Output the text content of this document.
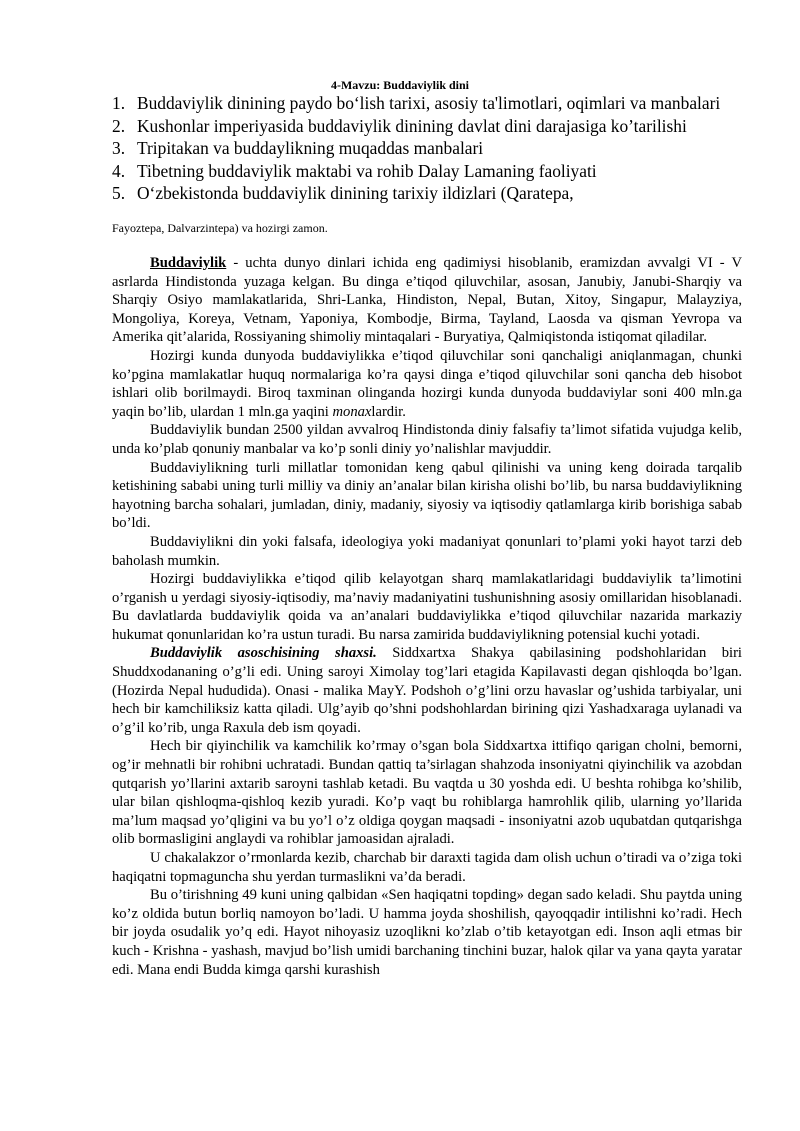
4-Mavzu: Buddaviylik dini
1. Buddaviylik dinining paydo bo‘lish tarixi, asosiy ta'limotlari, oqimlari va manbalari
2. Kushonlar imperiyasida buddaviylik dinining davlat dini darajasiga ko’tarilishi
3. Tripitakan va buddaylikning muqaddas manbalari
4. Tibetning buddaviylik maktabi va rohib Dalay Lamaning faoliyati
5. O‘zbekistonda buddaviylik dinining tarixiy ildizlari (Qaratepa,
Fayoztepa, Dalvarzintepa) va hozirgi zamon.

Buddaviylik - uchta dunyo dinlari ichida eng qadimiysi hisoblanib, eramizdan avvalgi VI - V asrlarda Hindistonda yuzaga kelgan. Bu dinga e’tiqod qiluvchilar, asosan, Janubiy, Janubi-Sharqiy va Sharqiy Osiyo mamlakatlarida, Shri-Lanka, Hindiston, Nepal, Butan, Xitoy, Singapur, Malayziya, Mongoliya, Koreya, Vetnam, Yaponiya, Kombodje, Birma, Tayland, Laosda va qisman Yevropa va Amerika qit’alarida, Rossiyaning shimoliy mintaqalari - Buryatiya, Qalmiqistonda istiqomat qiladilar.

Hozirgi kunda dunyoda buddaviylikka e’tiqod qiluvchilar soni qanchaligi aniqlanmagan, chunki ko’pgina mamlakatlar huquq normalariga ko’ra qaysi dinga e’tiqod qiluvchilar soni qancha deb hisobot ishlari olib borilmaydi. Biroq taxminan olinganda hozirgi kunda dunyoda buddaviylar soni 400 mln.ga yaqin bo’lib, ulardan 1 mln.ga yaqini monaxlardir.

Buddaviylik bundan 2500 yildan avvalroq Hindistonda diniy falsafiy ta’limot sifatida vujudga kelib, unda ko’plab qonuniy manbalar va ko’p sonli diniy yo’nalishlar mavjuddir.

Buddaviylikning turli millatlar tomonidan keng qabul qilinishi va uning keng doirada tarqalib ketishining sababi uning turli milliy va diniy an’analar bilan kirisha olishi bo’lib, bu narsa buddaviylikning hayotning barcha sohalari, jumladan, diniy, madaniy, siyosiy va iqtisodiy qatlamlarga kirib borishiga sabab bo’ldi.

Buddaviylikni din yoki falsafa, ideologiya yoki madaniyat qonunlari to’plami yoki hayot tarzi deb baholash mumkin.

Hozirgi buddaviylikka e’tiqod qilib kelayotgan sharq mamlakatlaridagi buddaviylik ta’limotini o’rganish u yerdagi siyosiy-iqtisodiy, ma’naviy madaniyatini tushunishning asosiy omillaridan hisoblanadi. Bu davlatlarda buddaviylik qoida va an’analari buddaviylikka e’tiqod qiluvchilar nazarida markaziy hukumat qonunlaridan ko’ra ustun turadi. Bu narsa zamirida buddaviylikning potensial kuchi yotadi.

Buddaviylik asoschisining shaxsi. Siddxartxa Shakya qabilasining podshohlaridan biri Shuddxodananing o’g’li edi. Uning saroyi Ximolay tog’lari etagida Kapilavasti degan qishloqda bo’lgan. (Hozirda Nepal hududida). Onasi - malika MayY. Podshoh o’g’lini orzu havaslar og’ushida tarbiyalar, uni hech bir kamchiliksiz katta qiladi. Ulg’ayib qo’shni podshohlardan birining qizi Yashadxaraga uylanadi va o’g’il ko’rib, unga Raxula deb ism qoyadi.

Hech bir qiyinchilik va kamchilik ko’rmay o’sgan bola Siddxartxa ittifiqo qarigan cholni, bemorni, og’ir mehnatli bir rohibni uchratadi. Bundan qattiq ta’sirlagan shahzoda insoniyatni qiyinchilik va azobdan qutqarish yo’llarini axtarib saroyni tashlab ketadi. Bu vaqtda u 30 yoshda edi. U beshta rohibga ko’shilib, ular bilan qishloqma-qishloq kezib yuradi. Ko’p vaqt bu rohiblarga hamrohlik qilib, ularning yo’llarida ma’lum maqsad yo’qligini va bu yo’l o’z oldiga qoygan maqsadi - insoniyatni azob uqubatdan qutqarishga olib bormasligini anglaydi va rohiblar jamoasidan ajraladi.

U chakalakzor o’rmonlarda kezib, charchab bir daraxti tagida dam olish uchun o’tiradi va o’ziga toki haqiqatni topmaguncha shu yerdan turmaslikni va’da beradi.

Bu o’tirishning 49 kuni uning qalbidan «Sen haqiqatni topding» degan sado keladi. Shu paytda uning ko’z oldida butun borliq namoyon bo’ladi. U hamma joyda shoshilish, qayoqqadir intilishni ko’radi. Hech bir joyda osudalik yo’q edi. Hayot nihoyasiz uzoqlikni ko’zlab o’tib ketayotgan edi. Inson aqli etmas bir kuch - Krishna - yashash, mavjud bo’lish umidi barchaning tinchini buzar, halok qilar va yana qayta yaratar edi. Mana endi Budda kimga qarshi kurashish
